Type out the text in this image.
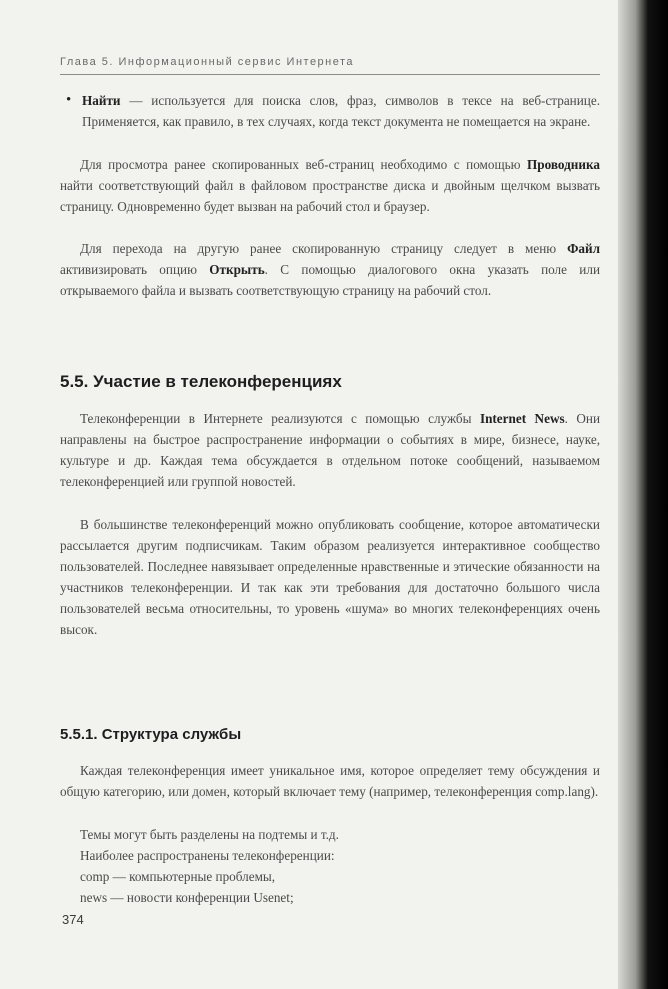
Глава 5. Информационный сервис Интернета
• Найти — используется для поиска слов, фраз, символов в тексе на веб-странице. Применяется, как правило, в тех случаях, когда текст документа не помещается на экране.
Для просмотра ранее скопированных веб-страниц необходимо с помощью Проводника найти соответствующий файл в файловом пространстве диска и двойным щелчком вызвать страницу. Одновременно будет вызван на рабочий стол и браузер.
Для перехода на другую ранее скопированную страницу следует в меню Файл активизировать опцию Открыть. С помощью диалогового окна указать поле или открываемого файла и вызвать соответствующую страницу на рабочий стол.
5.5. Участие в телеконференциях
Телеконференции в Интернете реализуются с помощью службы Internet News. Они направлены на быстрое распространение информации о событиях в мире, бизнесе, науке, культуре и др. Каждая тема обсуждается в отдельном потоке сообщений, называемом телеконференцией или группой новостей.
В большинстве телеконференций можно опубликовать сообщение, которое автоматически рассылается другим подписчикам. Таким образом реализуется интерактивное сообщество пользователей. Последнее навязывает определенные нравственные и этические обязанности на участников телеконференции. И так как эти требования для достаточно большого числа пользователей весьма относительны, то уровень «шума» во многих телеконференциях очень высок.
5.5.1. Структура службы
Каждая телеконференция имеет уникальное имя, которое определяет тему обсуждения и общую категорию, или домен, который включает тему (например, телеконференция comp.lang).
Темы могут быть разделены на подтемы и т.д.
Наиболее распространены телеконференции:
comp — компьютерные проблемы,
news — новости конференции Usenet;
374
